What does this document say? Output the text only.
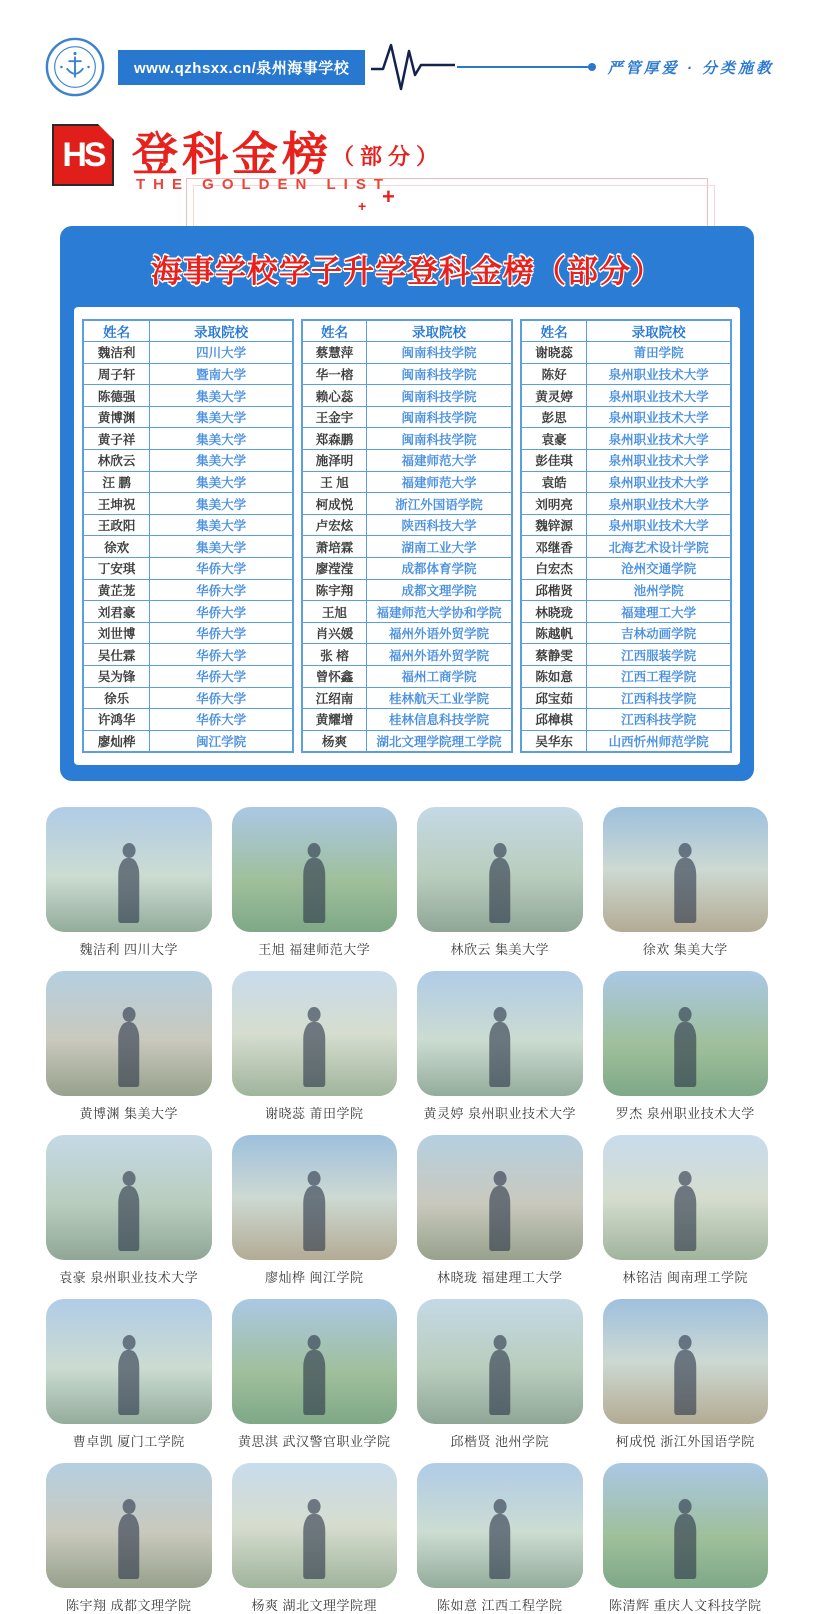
www.qzhsxx.cn/泉州海事学校	严管厚爱 · 分类施教
HS 登科金榜（部分）
THE GOLDEN LIST
+
+
海事学校学子升学登科金榜（部分）
姓名	录取院校
魏洁利	四川大学
周子轩	暨南大学
陈德强	集美大学
黄博渊	集美大学
黄子祥	集美大学
林欣云	集美大学
汪 鹏	集美大学
王坤祝	集美大学
王政阳	集美大学
徐欢	集美大学
丁安琪	华侨大学
黄芷茏	华侨大学
刘君豪	华侨大学
刘世博	华侨大学
吴仕霖	华侨大学
吴为锋	华侨大学
徐乐	华侨大学
许鸿华	华侨大学
廖灿桦	闽江学院
姓名	录取院校
蔡慧萍	闽南科技学院
华一榕	闽南科技学院
赖心蕊	闽南科技学院
王金宇	闽南科技学院
郑森鹏	闽南科技学院
施泽明	福建师范大学
王 旭	福建师范大学
柯成悦	浙江外国语学院
卢宏炫	陕西科技大学
萧培霖	湖南工业大学
廖滢滢	成都体育学院
陈宇翔	成都文理学院
王旭	福建师范大学协和学院
肖兴媛	福州外语外贸学院
张 榕	福州外语外贸学院
曾怀鑫	福州工商学院
江绍南	桂林航天工业学院
黄耀增	桂林信息科技学院
杨爽	湖北文理学院理工学院
姓名	录取院校
谢晓蕊	莆田学院
陈好	泉州职业技术大学
黄灵婷	泉州职业技术大学
彭思	泉州职业技术大学
袁豪	泉州职业技术大学
彭佳琪	泉州职业技术大学
袁皓	泉州职业技术大学
刘明亮	泉州职业技术大学
魏锌源	泉州职业技术大学
邓继香	北海艺术设计学院
白宏杰	沧州交通学院
邱楷贤	池州学院
林晓珑	福建理工大学
陈越帆	吉林动画学院
蔡静雯	江西服装学院
陈如意	江西工程学院
邱宝茹	江西科技学院
邱樟棋	江西科技学院
吴华东	山西忻州师范学院
魏洁利 四川大学	王旭 福建师范大学	林欣云 集美大学	徐欢 集美大学
黄博渊 集美大学	谢晓蕊 莆田学院	黄灵婷 泉州职业技术大学	罗杰 泉州职业技术大学
袁豪 泉州职业技术大学	廖灿桦 闽江学院	林晓珑 福建理工大学	林铭洁 闽南理工学院
曹卓凯 厦门工学院	黄思淇 武汉警官职业学院	邱楷贤 池州学院	柯成悦 浙江外国语学院
陈宇翔 成都文理学院	杨爽 湖北文理学院理	陈如意 江西工程学院	陈清辉 重庆人文科技学院
